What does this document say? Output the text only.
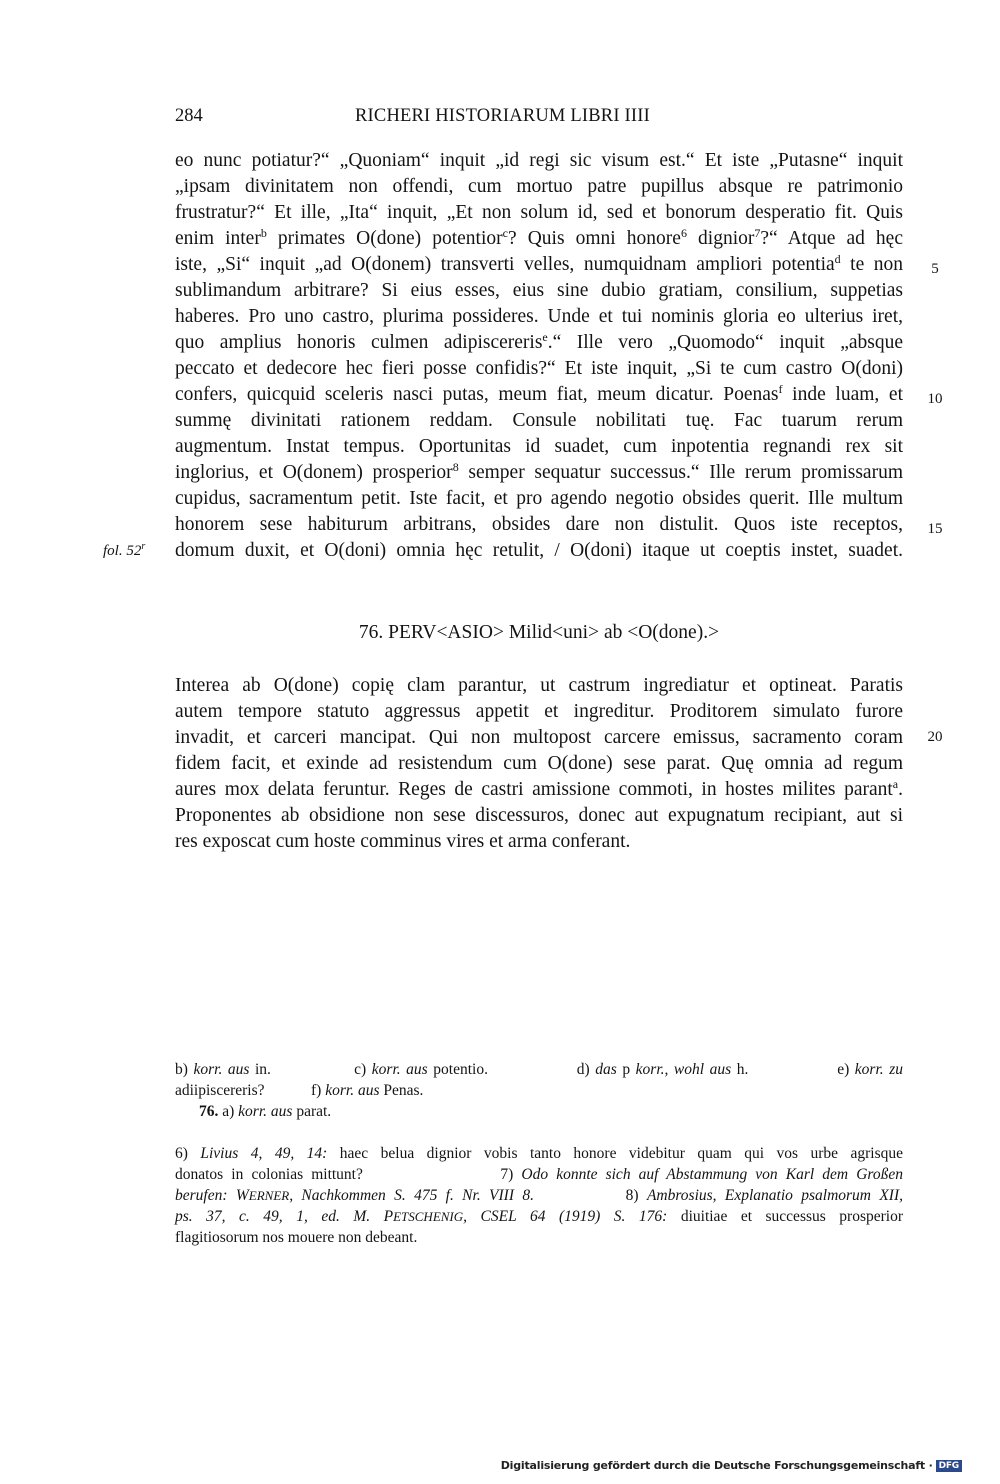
284	RICHERI HISTORIARUM LIBRI IIII
eo nunc potiatur?“ „Quoniam“ inquit „id regi sic visum est.“ Et iste „Putasne“ inquit
„ipsam divinitatem non offendi, cum mortuo patre pupillus absque re patrimonio
frustratur?“ Et ille, „Ita“ inquit, „Et non solum id, sed et bonorum desperatio fit. Quis
enim inter$^b$ primates O(done) potentior$^c$? Quis omni honore$^6$ dignior$^7$?“ Atque ad hęc
iste, „Si“ inquit „ad O(donem) transverti velles, numquidnam ampliori potentia$^d$ te non
sublimandum arbitrare? Si eius esses, eius sine dubio gratiam, consilium, suppetias
haberes. Pro uno castro, plurima possideres. Unde et tui nominis gloria eo ulterius iret,
quo amplius honoris culmen adipiscereris$^e$.“ Ille vero „Quomodo“ inquit „absque
peccato et dedecore hec fieri posse confidis?“ Et iste inquit, „Si te cum castro O(doni)
confers, quicquid sceleris nasci putas, meum fiat, meum dicatur. Poenas$^f$ inde luam, et
summę divinitati rationem reddam. Consule nobilitati tuę. Fac tuarum rerum
augmentum. Instat tempus. Oportunitas id suadet, cum inpotentia regnandi rex sit
inglorius, et O(donem) prosperior$^8$ semper sequatur successus.“ Ille rerum promissarum
cupidus, sacramentum petit. Iste facit, et pro agendo negotio obsides querit. Ille multum
honorem sese habiturum arbitrans, obsides dare non distulit. Quos iste receptos,
domum duxit, et O(doni) omnia hęc retulit, / O(doni) itaque ut coeptis instet, suadet.
5
10
15
fol. 52$^r$
76. PERV<ASIO> Milid<uni> ab <O(done).>
Interea ab O(done) copię clam parantur, ut castrum ingrediatur et optineat. Paratis
autem tempore statuto aggressus appetit et ingreditur. Proditorem simulato furore
invadit, et carceri mancipat. Qui non multopost carcere emissus, sacramento coram
fidem facit, et exinde ad resistendum cum O(done) sese parat. Quę omnia ad regum
aures mox delata feruntur. Reges de castri amissione commoti, in hostes milites parant$^a$.
Proponentes ab obsidione non sese discessuros, donec aut expugnatum recipiant, aut si
res exposcat cum hoste comminus vires et arma conferant.
20
b) korr. aus in.               c) korr. aus potentio.                d) das p korr., wohl aus h.                e) korr. zu
adiipiscereris?            f) korr. aus Penas.
76. a) korr. aus parat.
6) Livius 4, 49, 14: haec belua dignior vobis tanto honore videbitur quam qui vos urbe agrisque
donatos in colonias mittunt?                 7) Odo konnte sich auf Abstammung von Karl dem Großen
berufen: WERNER, Nachkommen S. 475 f. Nr. VIII 8.           8) Ambrosius, Explanatio psalmorum XII,
ps. 37, c. 49, 1, ed. M. PETSCHENIG, CSEL 64 (1919) S. 176: diuitiae et successus prosperior
flagitiosorum nos mouere non debeant.
Digitalisierung gefördert durch die Deutsche Forschungsgemeinschaft · DFG
